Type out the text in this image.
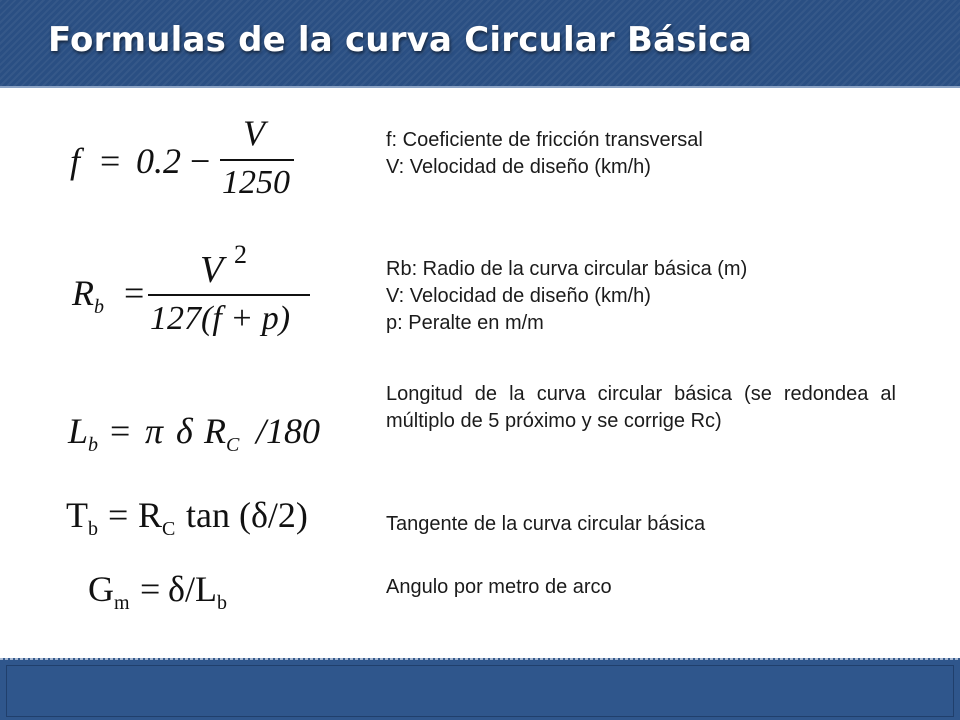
Formulas de la curva Circular Básica
f = 0.2 −
V
1250
$R_b$ =
V 2
127(f + p)
$L_b = \pi$ δ $R_C$ /180
$T_b = R_C$ tan (δ/2)
$G_m = \delta/L_b$

f: Coeficiente de fricción transversal

V: Velocidad de diseño (km/h)

Rb: Radio de la curva circular básica (m)

V: Velocidad de diseño (km/h)

p: Peralte en m/m

Longitud de la curva circular básica (se redondea al múltiplo de 5 próximo y se corrige Rc)

Tangente de la curva circular básica

Angulo por metro de arco
